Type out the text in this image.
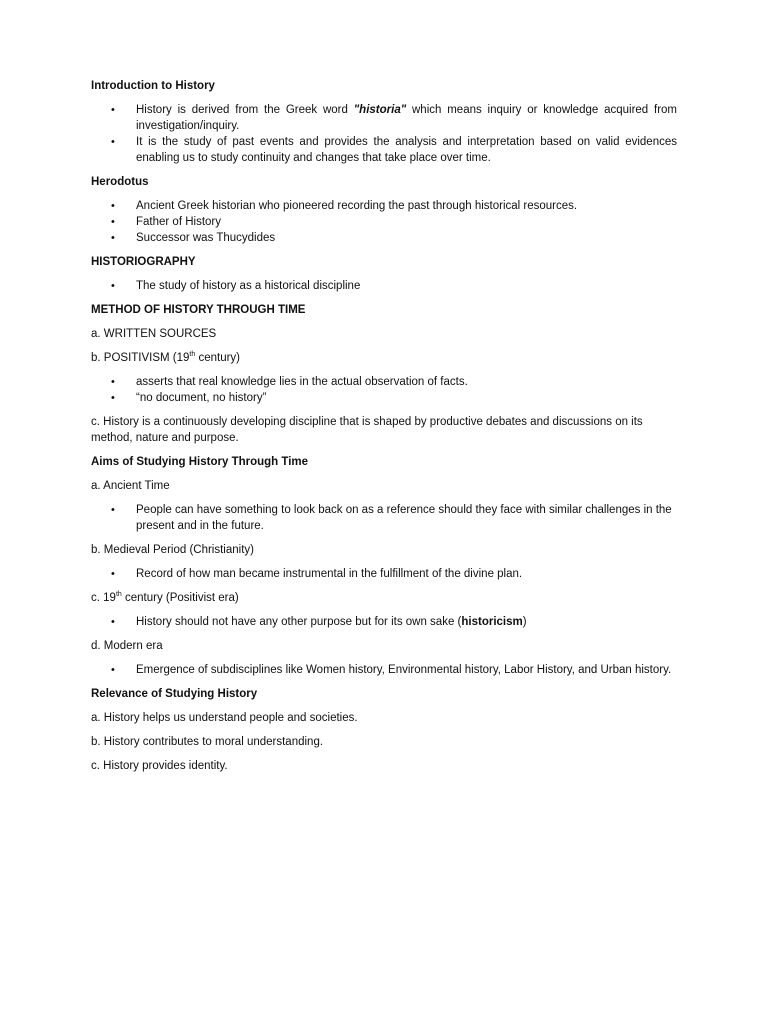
Introduction to History
• History is derived from the Greek word "historia" which means inquiry or knowledge acquired from investigation/inquiry.
• It is the study of past events and provides the analysis and interpretation based on valid evidences enabling us to study continuity and changes that take place over time.
Herodotus
• Ancient Greek historian who pioneered recording the past through historical resources.
• Father of History
• Successor was Thucydides
HISTORIOGRAPHY
• The study of history as a historical discipline
METHOD OF HISTORY THROUGH TIME
a. WRITTEN SOURCES
b. POSITIVISM (19th century)
• asserts that real knowledge lies in the actual observation of facts.
• “no document, no history”
c. History is a continuously developing discipline that is shaped by productive debates and discussions on its method, nature and purpose.
Aims of Studying History Through Time
a. Ancient Time
• People can have something to look back on as a reference should they face with similar challenges in the present and in the future.
b. Medieval Period (Christianity)
• Record of how man became instrumental in the fulfillment of the divine plan.
c. 19th century (Positivist era)
• History should not have any other purpose but for its own sake (historicism)
d. Modern era
• Emergence of subdisciplines like Women history, Environmental history, Labor History, and Urban history.
Relevance of Studying History
a. History helps us understand people and societies.
b. History contributes to moral understanding.
c. History provides identity.
